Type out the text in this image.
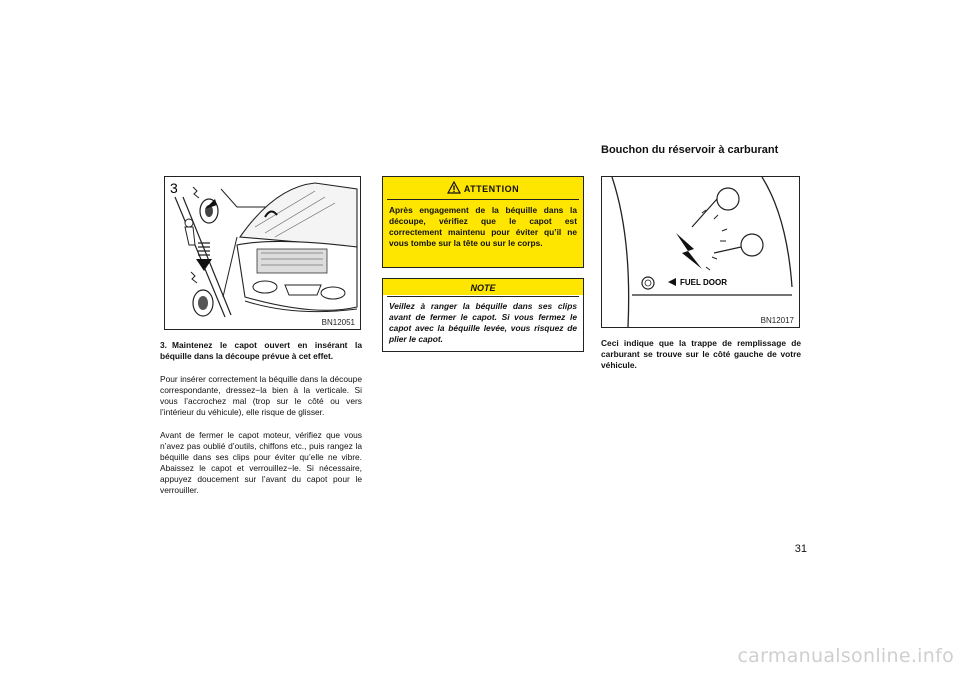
3
BN12051
3. Maintenez le capot ouvert en insérant la béquille dans la découpe prévue à cet effet.
Pour insérer correctement la béquille dans la découpe correspondante, dressez−la bien à la verticale. Si vous l’accrochez mal (trop sur le côté ou vers l’intérieur du véhicule), elle risque de glisser.
Avant de fermer le capot moteur, vérifiez que vous n’avez pas oublié d’outils, chiffons etc., puis rangez la béquille dans ses clips pour éviter qu’elle ne vibre. Abaissez le capot et verrouillez−le. Si nécessaire, appuyez doucement sur l’avant du capot pour le verrouiller.
ATTENTION
Après engagement de la béquille dans la découpe, vérifiez que le capot est correctement maintenu pour éviter qu’il ne vous tombe sur la tête ou sur le corps.
NOTE
Veillez à ranger la béquille dans ses clips avant de fermer le capot. Si vous fermez le capot avec la béquille levée, vous risquez de plier le capot.
Bouchon du réservoir à carburant
FUEL DOOR
BN12017
Ceci indique que la trappe de remplissage de carburant se trouve sur le côté gauche de votre véhicule.
31
carmanualsonline.info
